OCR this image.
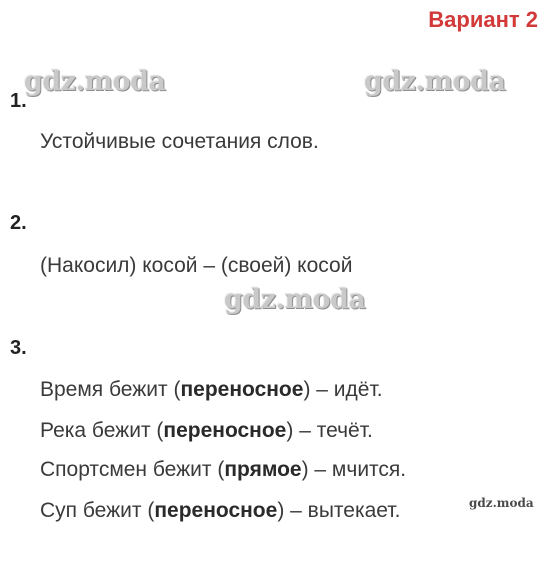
Вариант 2
gdz.moda	gdz.moda
gdz.moda
gdz.moda
1.
Устойчивые сочетания слов.
2.
(Накосил) косой – (своей) косой
3.
Время бежит (переносное) – идёт.
Река бежит (переносное) – течёт.
Спортсмен бежит (прямое) – мчится.
Суп бежит (переносное) – вытекает.
